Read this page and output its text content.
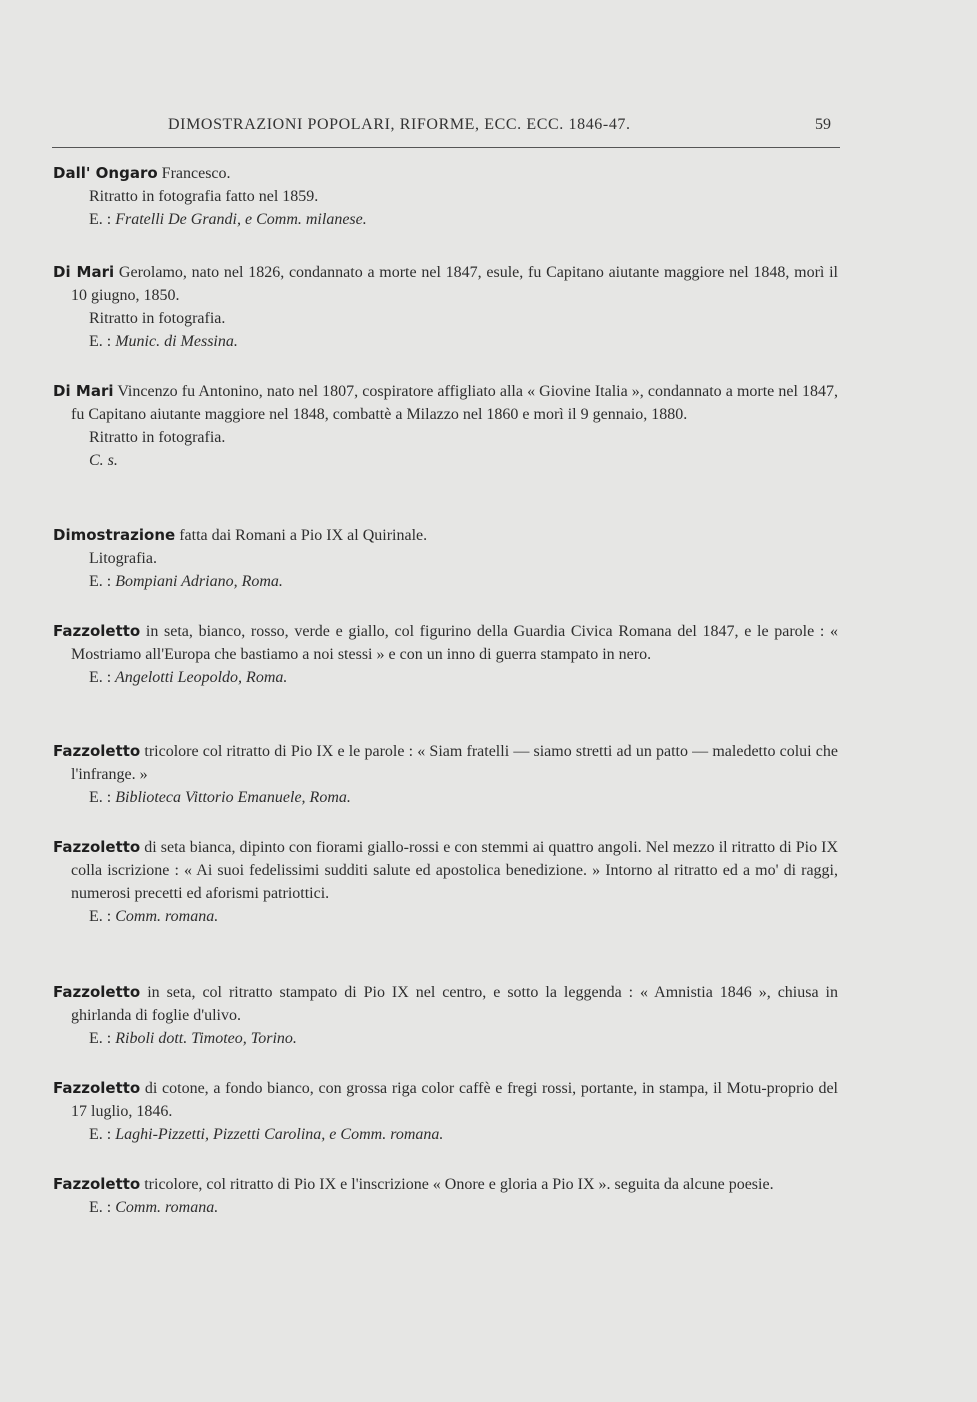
DIMOSTRAZIONI POPOLARI, RIFORME, ECC. ECC. 1846-47.	59

Dall' Ongaro Francesco.

Ritratto in fotografia fatto nel 1859.

E. : Fratelli De Grandi, e Comm. milanese.

Di Mari Gerolamo, nato nel 1826, condannato a morte nel 1847, esule, fu Capitano aiutante maggiore nel 1848, morì il 10 giugno, 1850.

Ritratto in fotografia.

E. : Munic. di Messina.

Di Mari Vincenzo fu Antonino, nato nel 1807, cospiratore affigliato alla « Giovine Italia », condannato a morte nel 1847, fu Capitano aiutante maggiore nel 1848, combattè a Milazzo nel 1860 e morì il 9 gennaio, 1880.

Ritratto in fotografia.

C. s.

Dimostrazione fatta dai Romani a Pio IX al Quirinale.

Litografia.

E. : Bompiani Adriano, Roma.

Fazzoletto in seta, bianco, rosso, verde e giallo, col figurino della Guardia Civica Romana del 1847, e le parole : « Mostriamo all'Europa che bastiamo a noi stessi » e con un inno di guerra stampato in nero.

E. : Angelotti Leopoldo, Roma.

Fazzoletto tricolore col ritratto di Pio IX e le parole : « Siam fratelli — siamo stretti ad un patto — maledetto colui che l'infrange. »

E. : Biblioteca Vittorio Emanuele, Roma.

Fazzoletto di seta bianca, dipinto con fiorami giallo-rossi e con stemmi ai quattro angoli. Nel mezzo il ritratto di Pio IX colla iscrizione : « Ai suoi fedelissimi sudditi salute ed apostolica benedizione. » Intorno al ritratto ed a mo' di raggi, numerosi precetti ed aforismi patriottici.

E. : Comm. romana.

Fazzoletto in seta, col ritratto stampato di Pio IX nel centro, e sotto la leggenda : « Amnistia 1846 », chiusa in ghirlanda di foglie d'ulivo.

E. : Riboli dott. Timoteo, Torino.

Fazzoletto di cotone, a fondo bianco, con grossa riga color caffè e fregi rossi, portante, in stampa, il Motu-proprio del 17 luglio, 1846.

E. : Laghi-Pizzetti, Pizzetti Carolina, e Comm. romana.

Fazzoletto tricolore, col ritratto di Pio IX e l'inscrizione « Onore e gloria a Pio IX ». seguita da alcune poesie.

E. : Comm. romana.
